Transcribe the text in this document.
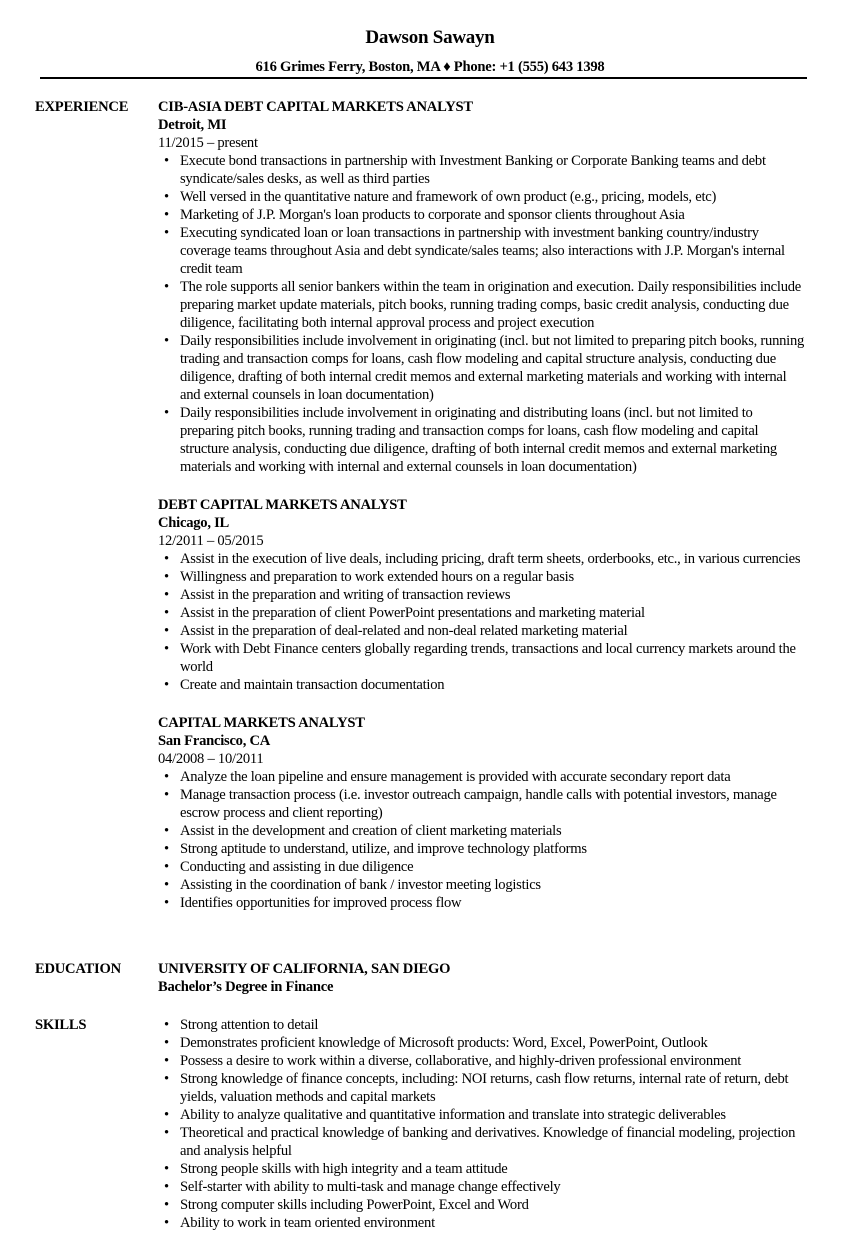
Dawson Sawayn
616 Grimes Ferry, Boston, MA ♦ Phone: +1 (555) 643 1398
EXPERIENCE	CIB-ASIA DEBT CAPITAL MARKETS ANALYST
Detroit, MI
11/2015 – present
• Execute bond transactions in partnership with Investment Banking or Corporate Banking teams and debt syndicate/sales desks, as well as third parties
• Well versed in the quantitative nature and framework of own product (e.g., pricing, models, etc)
• Marketing of J.P. Morgan's loan products to corporate and sponsor clients throughout Asia
• Executing syndicated loan or loan transactions in partnership with investment banking country/industry coverage teams throughout Asia and debt syndicate/sales teams; also interactions with J.P. Morgan's internal credit team
• The role supports all senior bankers within the team in origination and execution. Daily responsibilities include preparing market update materials, pitch books, running trading comps, basic credit analysis, conducting due diligence, facilitating both internal approval process and project execution
• Daily responsibilities include involvement in originating (incl. but not limited to preparing pitch books, running trading and transaction comps for loans, cash flow modeling and capital structure analysis, conducting due diligence, drafting of both internal credit memos and external marketing materials and working with internal and external counsels in loan documentation)
• Daily responsibilities include involvement in originating and distributing loans (incl. but not limited to preparing pitch books, running trading and transaction comps for loans, cash flow modeling and capital structure analysis, conducting due diligence, drafting of both internal credit memos and external marketing materials and working with internal and external counsels in loan documentation)
DEBT CAPITAL MARKETS ANALYST
Chicago, IL
12/2011 – 05/2015
• Assist in the execution of live deals, including pricing, draft term sheets, orderbooks, etc., in various currencies
• Willingness and preparation to work extended hours on a regular basis
• Assist in the preparation and writing of transaction reviews
• Assist in the preparation of client PowerPoint presentations and marketing material
• Assist in the preparation of deal-related and non-deal related marketing material
• Work with Debt Finance centers globally regarding trends, transactions and local currency markets around the world
• Create and maintain transaction documentation
CAPITAL MARKETS ANALYST
San Francisco, CA
04/2008 – 10/2011
• Analyze the loan pipeline and ensure management is provided with accurate secondary report data
• Manage transaction process (i.e. investor outreach campaign, handle calls with potential investors, manage escrow process and client reporting)
• Assist in the development and creation of client marketing materials
• Strong aptitude to understand, utilize, and improve technology platforms
• Conducting and assisting in due diligence
• Assisting in the coordination of bank / investor meeting logistics
• Identifies opportunities for improved process flow
EDUCATION	UNIVERSITY OF CALIFORNIA, SAN DIEGO
Bachelor’s Degree in Finance
SKILLS	• Strong attention to detail
• Demonstrates proficient knowledge of Microsoft products: Word, Excel, PowerPoint, Outlook
• Possess a desire to work within a diverse, collaborative, and highly-driven professional environment
• Strong knowledge of finance concepts, including: NOI returns, cash flow returns, internal rate of return, debt yields, valuation methods and capital markets
• Ability to analyze qualitative and quantitative information and translate into strategic deliverables
• Theoretical and practical knowledge of banking and derivatives. Knowledge of financial modeling, projection and analysis helpful
• Strong people skills with high integrity and a team attitude
• Self-starter with ability to multi-task and manage change effectively
• Strong computer skills including PowerPoint, Excel and Word
• Ability to work in team oriented environment
